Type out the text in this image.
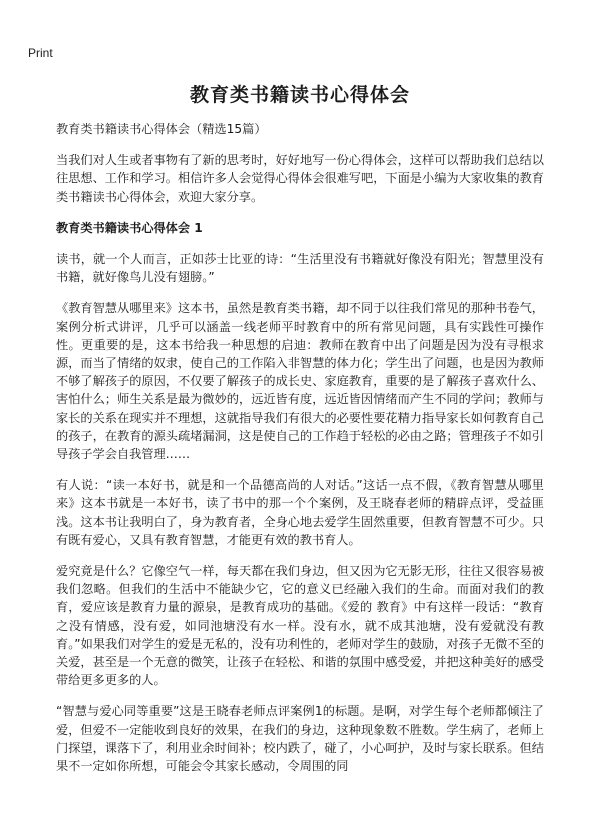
Print
教育类书籍读书心得体会

教育类书籍读书心得体会（精选15篇）

当我们对人生或者事物有了新的思考时，好好地写一份心得体会，这样可以帮助我们总结以往思想、工作和学习。相信许多人会觉得心得体会很难写吧，下面是小编为大家收集的教育类书籍读书心得体会，欢迎大家分享。

教育类书籍读书心得体会 1

读书，就一个人而言，正如莎士比亚的诗：“生活里没有书籍就好像没有阳光；智慧里没有书籍，就好像鸟儿没有翅膀。”

《教育智慧从哪里来》这本书，虽然是教育类书籍，却不同于以往我们常见的那种书卷气，案例分析式讲评，几乎可以涵盖一线老师平时教育中的所有常见问题，具有实践性可操作性。更重要的是，这本书给我一种思想的启迪：教师在教育中出了问题是因为没有寻根求源，而当了情绪的奴隶，使自己的工作陷入非智慧的体力化；学生出了问题，也是因为教师不够了解孩子的原因，不仅要了解孩子的成长史、家庭教育，重要的是了解孩子喜欢什么、害怕什么；师生关系是最为微妙的，远近皆有度，远近皆因情绪而产生不同的学问；教师与家长的关系在现实并不理想，这就指导我们有很大的必要性要花精力指导家长如何教育自己的孩子，在教育的源头疏堵漏洞，这是使自己的工作趋于轻松的必由之路；管理孩子不如引导孩子学会自我管理……

有人说：“读一本好书，就是和一个品德高尚的人对话。”这话一点不假，《教育智慧从哪里来》这本书就是一本好书，读了书中的那一个个案例，及王晓春老师的精辟点评，受益匪浅。这本书让我明白了，身为教育者，全身心地去爱学生固然重要，但教育智慧不可少。只有既有爱心，又具有教育智慧，才能更有效的教书育人。

爱究竟是什么？它像空气一样，每天都在我们身边，但又因为它无影无形，往往又很容易被我们忽略。但我们的生活中不能缺少它，它的意义已经融入我们的生命。而面对我们的教育，爱应该是教育力量的源泉，是教育成功的基础。《爱的 教育》中有这样一段话：“教育之没有情感，没有爱，如同池塘没有水一样。没有水，就不成其池塘，没有爱就没有教育。”如果我们对学生的爱是无私的，没有功利性的，老师对学生的鼓励，对孩子无微不至的关爱，甚至是一个无意的微笑，让孩子在轻松、和谐的氛围中感受爱，并把这种美好的感受带给更多更多的人。

“智慧与爱心同等重要”这是王晓春老师点评案例1的标题。是啊，对学生每个老师都倾注了爱，但爱不一定能收到良好的效果，在我们的身边，这种现象数不胜数。学生病了，老师上门探望，课落下了，利用业余时间补；校内跌了，碰了，小心呵护，及时与家长联系。但结果不一定如你所想，可能会令其家长感动，令周围的同
